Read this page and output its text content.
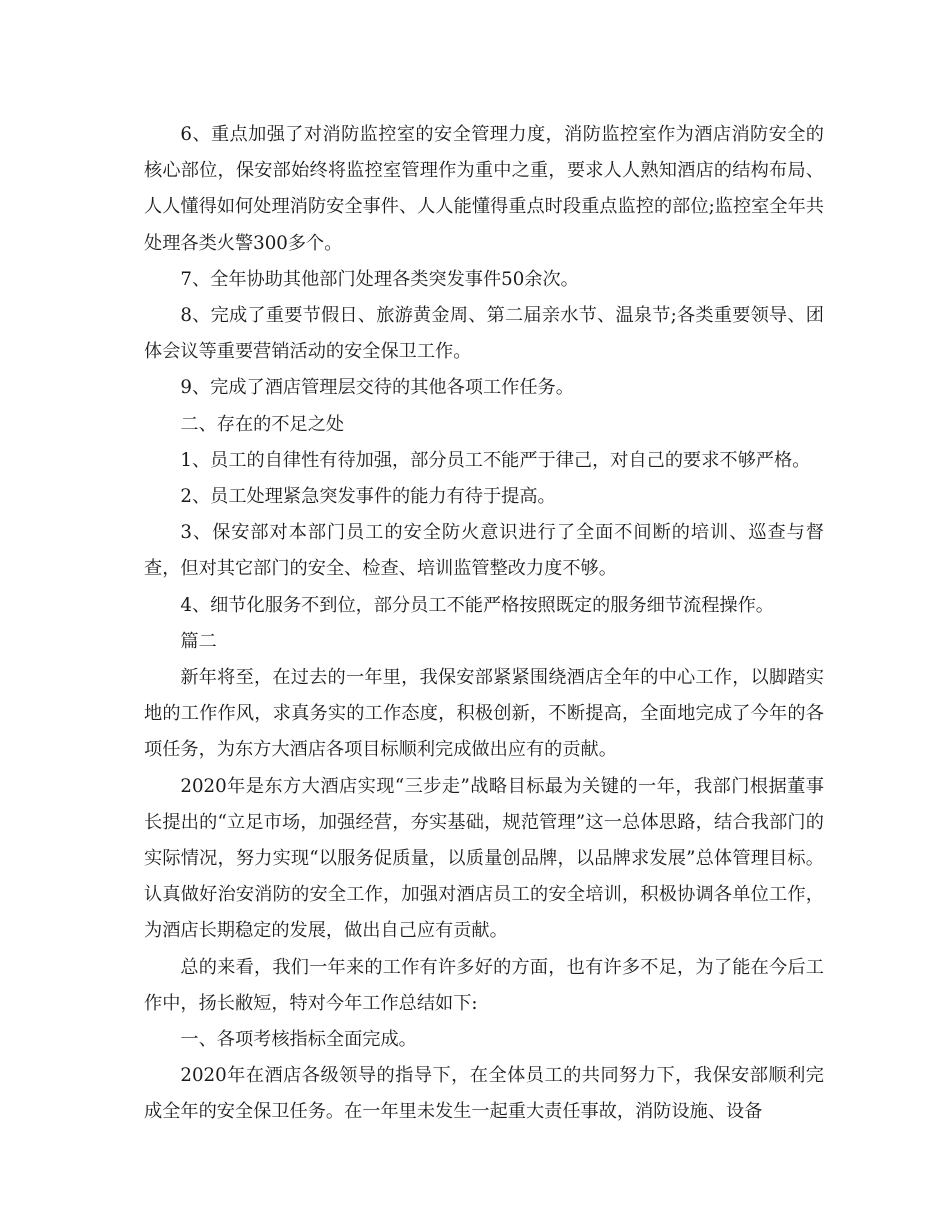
6、重点加强了对消防监控室的安全管理力度，消防监控室作为酒店消防安全的核心部位，保安部始终将监控室管理作为重中之重，要求人人熟知酒店的结构布局、人人懂得如何处理消防安全事件、人人能懂得重点时段重点监控的部位;监控室全年共处理各类火警300多个。

7、全年协助其他部门处理各类突发事件50余次。

8、完成了重要节假日、旅游黄金周、第二届亲水节、温泉节;各类重要领导、团体会议等重要营销活动的安全保卫工作。

9、完成了酒店管理层交待的其他各项工作任务。

二、存在的不足之处

1、员工的自律性有待加强，部分员工不能严于律己，对自己的要求不够严格。

2、员工处理紧急突发事件的能力有待于提高。

3、保安部对本部门员工的安全防火意识进行了全面不间断的培训、巡查与督查，但对其它部门的安全、检查、培训监管整改力度不够。

4、细节化服务不到位，部分员工不能严格按照既定的服务细节流程操作。

篇二

新年将至，在过去的一年里，我保安部紧紧围绕酒店全年的中心工作，以脚踏实地的工作作风，求真务实的工作态度，积极创新，不断提高，全面地完成了今年的各项任务，为东方大酒店各项目标顺利完成做出应有的贡献。

2020年是东方大酒店实现“三步走”战略目标最为关键的一年，我部门根据董事长提出的“立足市场，加强经营，夯实基础，规范管理”这一总体思路，结合我部门的实际情况，努力实现“以服务促质量，以质量创品牌，以品牌求发展”总体管理目标。认真做好治安消防的安全工作，加强对酒店员工的安全培训，积极协调各单位工作，为酒店长期稳定的发展，做出自己应有贡献。

总的来看，我们一年来的工作有许多好的方面，也有许多不足，为了能在今后工作中，扬长敝短，特对今年工作总结如下:

一、各项考核指标全面完成。

2020年在酒店各级领导的指导下，在全体员工的共同努力下，我保安部顺利完成全年的安全保卫任务。在一年里未发生一起重大责任事故，消防设施、设备
